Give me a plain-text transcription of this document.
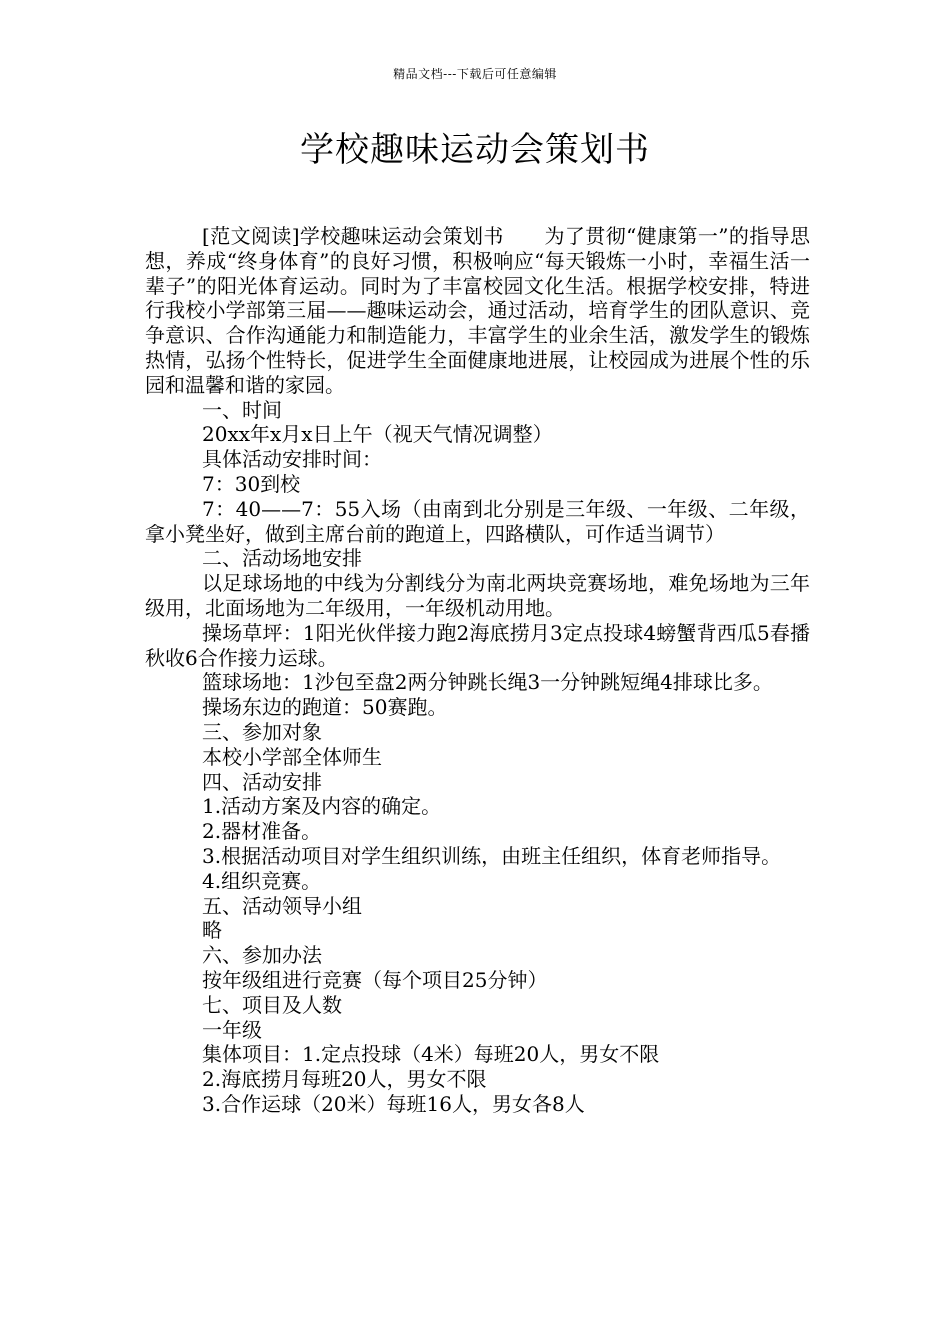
精品文档---下载后可任意编辑
学校趣味运动会策划书

[范文阅读]学校趣味运动会策划书　　为了贯彻“健康第一”的指导思想，养成“终身体育”的良好习惯，积极响应“每天锻炼一小时，幸福生活一辈子”的阳光体育运动。同时为了丰富校园文化生活。根据学校安排，特进行我校小学部第三届——趣味运动会，通过活动，培育学生的团队意识、竞争意识、合作沟通能力和制造能力，丰富学生的业余生活，激发学生的锻炼热情，弘扬个性特长，促进学生全面健康地进展，让校园成为进展个性的乐园和温馨和谐的家园。

一、时间

20xx年x月x日上午（视天气情况调整）

具体活动安排时间：

7：30到校

7：40——7：55入场（由南到北分别是三年级、一年级、二年级，拿小凳坐好，做到主席台前的跑道上，四路横队，可作适当调节）

二、活动场地安排

以足球场地的中线为分割线分为南北两块竞赛场地，难免场地为三年级用，北面场地为二年级用，一年级机动用地。

操场草坪：1阳光伙伴接力跑2海底捞月3定点投球4螃蟹背西瓜5春播秋收6合作接力运球。

篮球场地：1沙包至盘2两分钟跳长绳3一分钟跳短绳4排球比多。

操场东边的跑道：50赛跑。

三、参加对象

本校小学部全体师生

四、活动安排

1.活动方案及内容的确定。

2.器材准备。

3.根据活动项目对学生组织训练，由班主任组织，体育老师指导。

4.组织竞赛。

五、活动领导小组

略

六、参加办法

按年级组进行竞赛（每个项目25分钟）

七、项目及人数

一年级

集体项目：1.定点投球（4米）每班20人，男女不限

2.海底捞月每班20人，男女不限

3.合作运球（20米）每班16人，男女各8人
